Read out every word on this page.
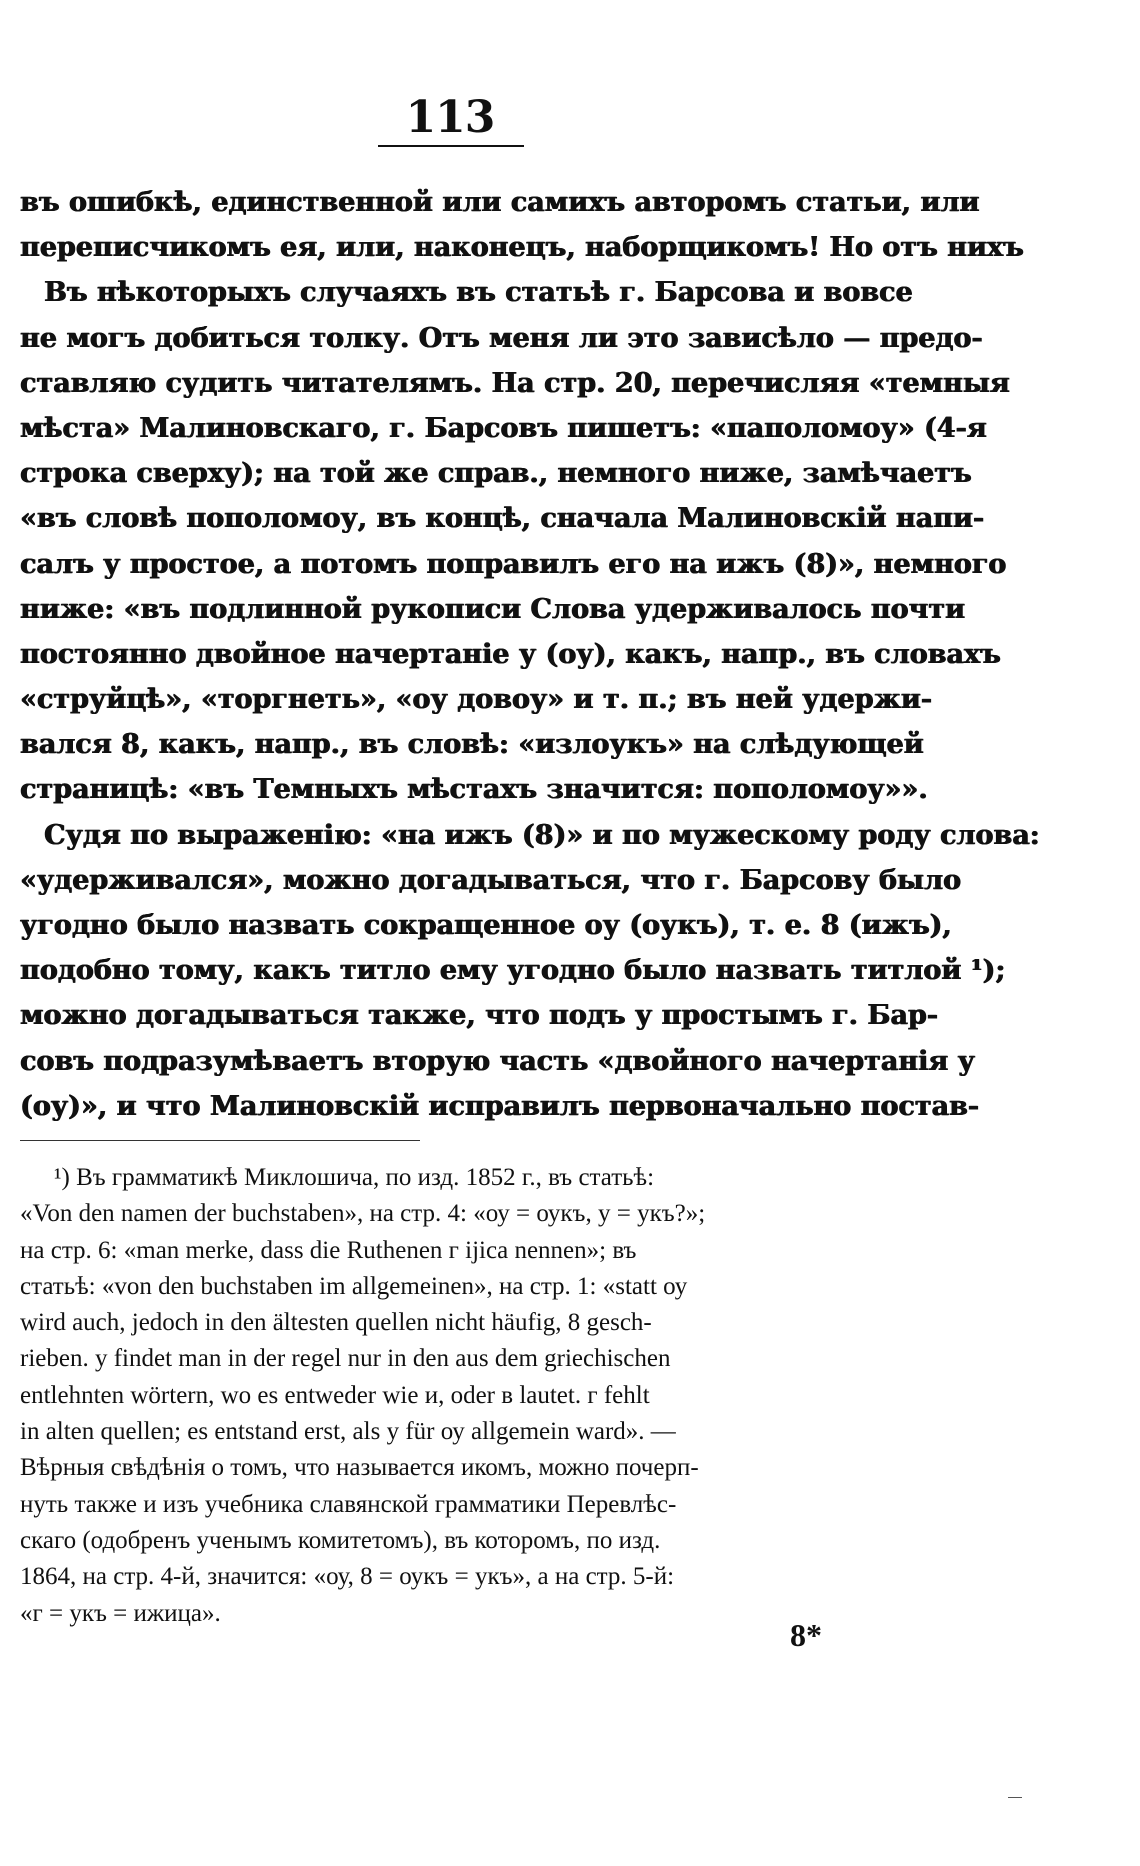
113
въ ошибкѣ, единственной или самихъ авторомъ статьи, или
переписчикомъ ея, или, наконецъ, наборщикомъ! Но отъ нихъ
Въ нѣкоторыхъ случаяхъ въ статьѣ г. Барсова и вовсе
не могъ добиться толку. Отъ меня ли это зависѣло — предо-
ставляю судить читателямъ. На стр. 20, перечисляя «темныя
мѣста» Малиновскаго, г. Барсовъ пишетъ: «паполомоу» (4-я
строка сверху); на той же справ., немного ниже, замѣчаетъ
«въ словѣ пополомоу, въ концѣ, сначала Малиновскій напи-
салъ у простое, а потомъ поправилъ его на ижъ (8)», немного
ниже: «въ подлинной рукописи Слова удерживалось почти
постоянно двойное начертаніе у (оу), какъ, напр., въ словахъ
«струйцѣ», «торгнеть», «оу довоу» и т. п.; въ ней удержи-
вался 8, какъ, напр., въ словѣ: «излоукъ» на слѣдующей
страницѣ: «въ Темныхъ мѣстахъ значится: пополомоу»».
Судя по выраженію: «на ижъ (8)» и по мужескому роду слова:
«удерживался», можно догадываться, что г. Барсову было
угодно было назвать сокращенное оу (оукъ), т. е. 8 (ижъ),
подобно тому, какъ титло ему угодно было назвать титлой ¹);
можно догадываться также, что подъ у простымъ г. Бар-
совъ подразумѣваетъ вторую часть «двойного начертанія у
(оу)», и что Малиновскій исправилъ первоначально постав-
¹) Въ грамматикѣ Миклошича, по изд. 1852 г., въ статьѣ:
«Von den namen der buchstaben», на стр. 4: «оу = оукъ, у = укъ?»;
на стр. 6: «man merke, dass die Ruthenen г ijica nennen»; въ
статьѣ: «von den buchstaben im allgemeinen», на стр. 1: «statt оу
wird auch, jedoch in den ältesten quellen nicht häufig, 8 gesch-
rieben. у findet man in der regel nur in den aus dem griechischen
entlehnten wörtern, wo es entweder wie и, oder в lautet. г fehlt
in alten quellen; es entstand erst, als у für оу allgemein ward». —
Вѣрныя свѣдѣнія о томъ, что называется икомъ, можно почерп-
нуть также и изъ учебника славянской грамматики Перевлѣс-
скаго (одобренъ ученымъ комитетомъ), въ которомъ, по изд.
1864, на стр. 4-й, значится: «оу, 8 = оукъ = укъ», а на стр. 5-й:
«г = укъ = ижица».
8*
